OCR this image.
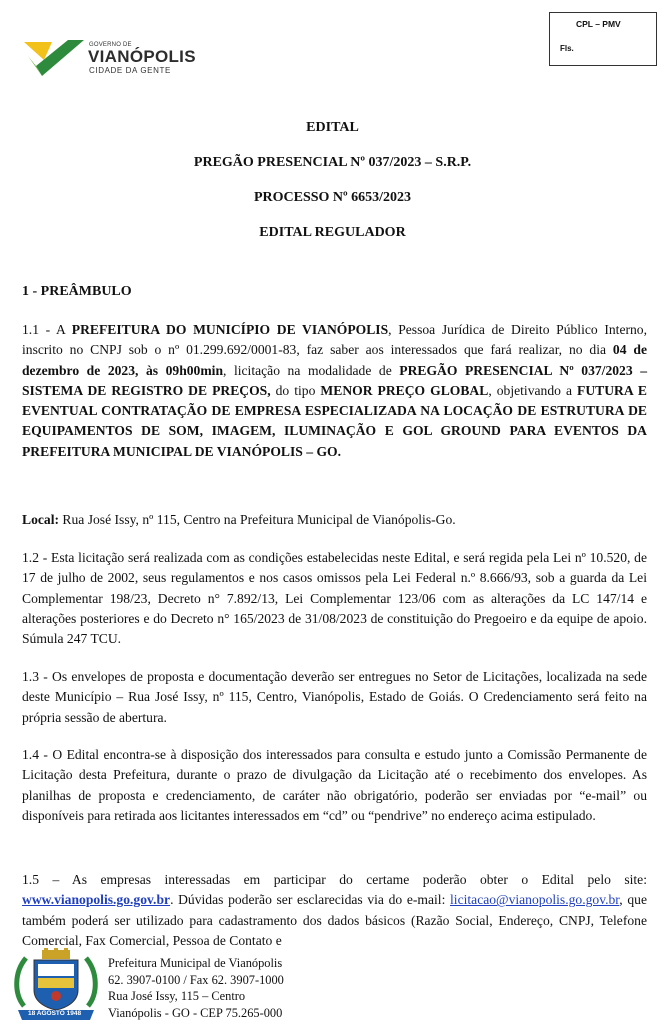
GOVERNO DE
VIANÓPOLIS
CIDADE DA GENTE
CPL – PMV
Fls.
EDITAL
PREGÃO PRESENCIAL Nº 037/2023 – S.R.P.
PROCESSO Nº 6653/2023
EDITAL REGULADOR
1 - PREÂMBULO

1.1 - A PREFEITURA DO MUNICÍPIO DE VIANÓPOLIS, Pessoa Jurídica de Direito Público Interno, inscrito no CNPJ sob o nº 01.299.692/0001-83, faz saber aos interessados que fará realizar, no dia 04 de dezembro de 2023, às 09h00min, licitação na modalidade de PREGÃO PRESENCIAL Nº 037/2023 – SISTEMA DE REGISTRO DE PREÇOS, do tipo MENOR PREÇO GLOBAL, objetivando a FUTURA E EVENTUAL CONTRATAÇÃO DE EMPRESA ESPECIALIZADA NA LOCAÇÃO DE ESTRUTURA DE EQUIPAMENTOS DE SOM, IMAGEM, ILUMINAÇÃO E GOL GROUND PARA EVENTOS DA PREFEITURA MUNICIPAL DE VIANÓPOLIS – GO.

Local: Rua José Issy, nº 115, Centro na Prefeitura Municipal de Vianópolis-Go.

1.2 - Esta licitação será realizada com as condições estabelecidas neste Edital, e será regida pela Lei nº 10.520, de 17 de julho de 2002, seus regulamentos e nos casos omissos pela Lei Federal n.º 8.666/93, sob a guarda da Lei Complementar 198/23, Decreto n° 7.892/13, Lei Complementar 123/06 com as alterações da LC 147/14 e alterações posteriores e do Decreto n° 165/2023 de 31/08/2023 de constituição do Pregoeiro e da equipe de apoio. Súmula 247 TCU.

1.3 - Os envelopes de proposta e documentação deverão ser entregues no Setor de Licitações, localizada na sede deste Município – Rua José Issy, nº 115, Centro, Vianópolis, Estado de Goiás. O Credenciamento será feito na própria sessão de abertura.

1.4 - O Edital encontra-se à disposição dos interessados para consulta e estudo junto a Comissão Permanente de Licitação desta Prefeitura, durante o prazo de divulgação da Licitação até o recebimento dos envelopes. As planilhas de proposta e credenciamento, de caráter não obrigatório, poderão ser enviadas por “e-mail” ou disponíveis para retirada aos licitantes interessados em “cd” ou “pendrive” no endereço acima estipulado.

1.5 – As empresas interessadas em participar do certame poderão obter o Edital pelo site: www.vianopolis.go.gov.br. Dúvidas poderão ser esclarecidas via do e-mail: licitacao@vianopolis.go.gov.br, que também poderá ser utilizado para cadastramento dos dados básicos (Razão Social, Endereço, CNPJ, Telefone Comercial, Fax Comercial, Pessoa de Contato e

18 AGOSTO 1948
Prefeitura Municipal de Vianópolis
62. 3907-0100 / Fax 62. 3907-1000
Rua José Issy, 115 – Centro
Vianópolis - GO - CEP 75.265-000
